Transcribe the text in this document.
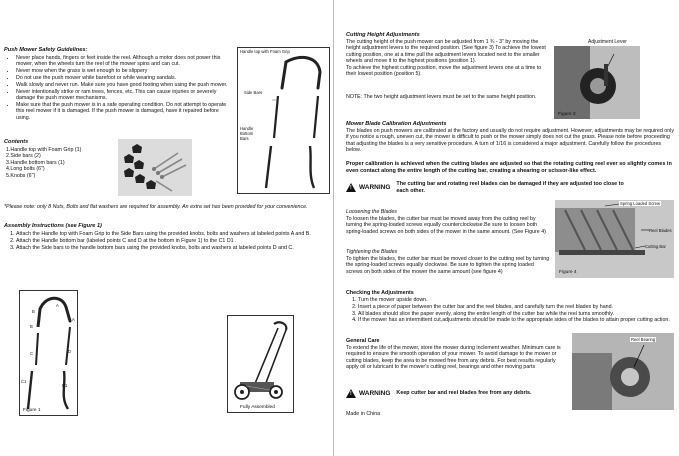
Push Mower Safety Guidelines:
• Never place hands, fingers or feet inside the reel. Although a motor does not power this mower, when the wheels turn the reel of the mower spins and can cut.
• Never mow when the grass is wet enough to be slippery
• Do not use the push mower while barefoot or while wearing sandals.
• Walk slowly and never run. Make sure you have good footing when using the push mower.
• Never intentionally strike or ram trees, fences, etc. This can cause injuries or severely damage the push mower mechanisms.
• Make sure that the push mower is in a safe operating condition. Do not attempt to operate this reel mower if it is damaged. If the push mower is damaged, have it repaired before using.
Handle top with Foam Grip
Side Bars
Handle Bottom Bars
Contents
1.Handle top with Foam Grip (1)
2.Side bars (2)
3.Handle bottom bars (1)
4.Long bolts (6")
5.Knobs (6")
*Please note: only 8 Nuts, Bolts and flat washers are required for assembly. An extra set has been provided for your convenience.
Assembly Instructions (see Figure 1)
1. Attach the Handle top with Foam Grip to the Side Bars using the provided knobs, bolts and washers at labeled points A and B.
2. Attach the Handle bottom bar (labeled points C and D at the bottom in Figure 1) to the C1 D1 .
3. Attach the Side bars to the handle bottom bars using the provided knobs, bolts and washers at labeled points D and C.
A
B
B
A
C	D
C1
D1
Figure 1
Fully Assembled
Cutting Height Adjustments
The cutting height of the push mower can be adjusted from 1 ¾ - 3" by moving the height adjustment levers to the required position. (See figure 3) To achieve the lowest cutting position, one at a time pull the adjustment levers located next to the smaller wheels and move it to the highest positions (position 1).
To achieve the highest cutting position, move the adjustment levers one at a time to their lowest position (position 5).
NOTE: The two height adjustment levers must be set to the same height position.
Adjustment Lever
Figure 3
Mower Blade Calibration Adjustments
The blades on push mowers are calibrated at the factory and usually do not require adjustment. However, adjustments may be required only if you notice a rough, uneven cut, the mower is difficult to push or the mower simply does not cut the grass. Please note before proceeding that adjusting the blades is a very sensitive procedure. A turn of 1/16 is considered a major adjustment. Carefully follow the procedures below.
Proper calibration is achieved when the cutting blades are adjusted so that the rotating cutting reel ever so slightly comes in even contact along the entire length of the cutting bar, creating a shearing or scissor-like effect.
!
WARNING The cutting bar and rotating reel blades can be damaged if they are adjusted too close to each other.
Loosening the Blades
To loosen the blades, the cutter bar must be moved away from the cutting reel by turning the spring-loaded screws equally counterclockwise.Be sure to loosen both spring-loaded screws on both sides of the mower in the same amount. (See Figure 4)
Tightening the Blades
To tighten the blades, the cutter bar must be moved closer to the cutting reel by turning the spring-loaded screws equally clockwise. Be sure to tighten the spring loaded screws on both sides of the mower the same amount (see figure 4)
Spring Loaded Screw
Reel Blades
Cutting Bar
Figure 4
Checking the Adjustments
1. Turn the mower upside down.
2. Insert a piece of paper between the cutter bar and the reel blades, and carefully turn the reel blades by hand.
3. All blades should slice the paper evenly, along the entire length of the cutter bar while the reel turns smoothly.
4. If the mower has an intermittent cut,adjustments should be made to the appropriate sides of the blades to attain proper cutting action.
General Care
To extend the life of the mower, store the mower during inclement weather. Minimum care is required to ensure the smooth operation of your mower. To avoid damage to the mower or cutting blades, keep the area to be mowed free from any debris. For best results regularly apply oil or lubricant to the mower's cutting reel, bearings and other moving parts
Reel Bearing
!
WARNING Keep cutter bar and reel blades free from any debris.
Made in China
